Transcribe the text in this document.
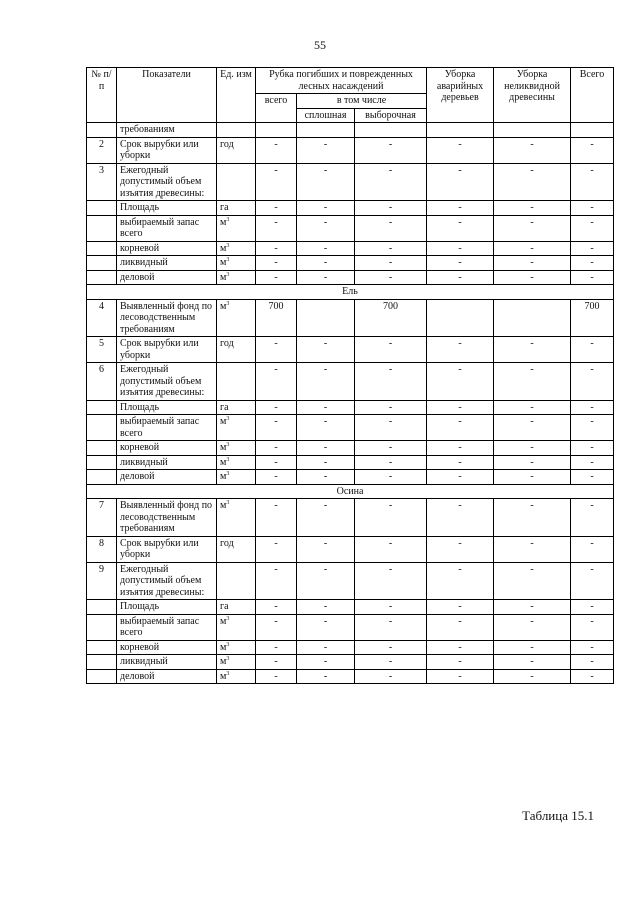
55
№ п/п	Показатели	Ед. изм	Рубка погибших и поврежденных лесных насаждений			Уборка аварийных деревьев	Уборка неликвидной древесины	Всего
			всего	в том числе				
				сплошная	выборочная			
	требованиям							
2	Срок вырубки или уборки	год	-	-	-	-	-	-
3	Ежегодный допустимый объем изъятия древесины:		-	-	-	-	-	-
	Площадь	га	-	-	-	-	-	-
	выбираемый запас всего	$м^3$	-	-	-	-	-	-
	корневой	$м^3$	-	-	-	-	-	-
	ликвидный	$м^3$	-	-	-	-	-	-
	деловой	$м^3$	-	-	-	-	-	-
Ель								
4	Выявленный фонд по лесоводственным требованиям	$м^3$	700		700			700
5	Срок вырубки или уборки	год	-	-	-	-	-	-
6	Ежегодный допустимый объем изъятия древесины:		-	-	-	-	-	-
	Площадь	га	-	-	-	-	-	-
	выбираемый запас всего	$м^3$	-	-	-	-	-	-
	корневой	$м^3$	-	-	-	-	-	-
	ликвидный	$м^3$	-	-	-	-	-	-
	деловой	$м^3$	-	-	-	-	-	-
Осина								
7	Выявленный фонд по лесоводственным требованиям	$м^3$	-	-	-	-	-	-
8	Срок вырубки или уборки	год	-	-	-	-	-	-
9	Ежегодный допустимый объем изъятия древесины:		-	-	-	-	-	-
	Площадь	га	-	-	-	-	-	-
	выбираемый запас всего	$м^3$	-	-	-	-	-	-
	корневой	$м^3$	-	-	-	-	-	-
	ликвидный	$м^3$	-	-	-	-	-	-
	деловой	$м^3$	-	-	-	-	-	-
Таблица 15.1
